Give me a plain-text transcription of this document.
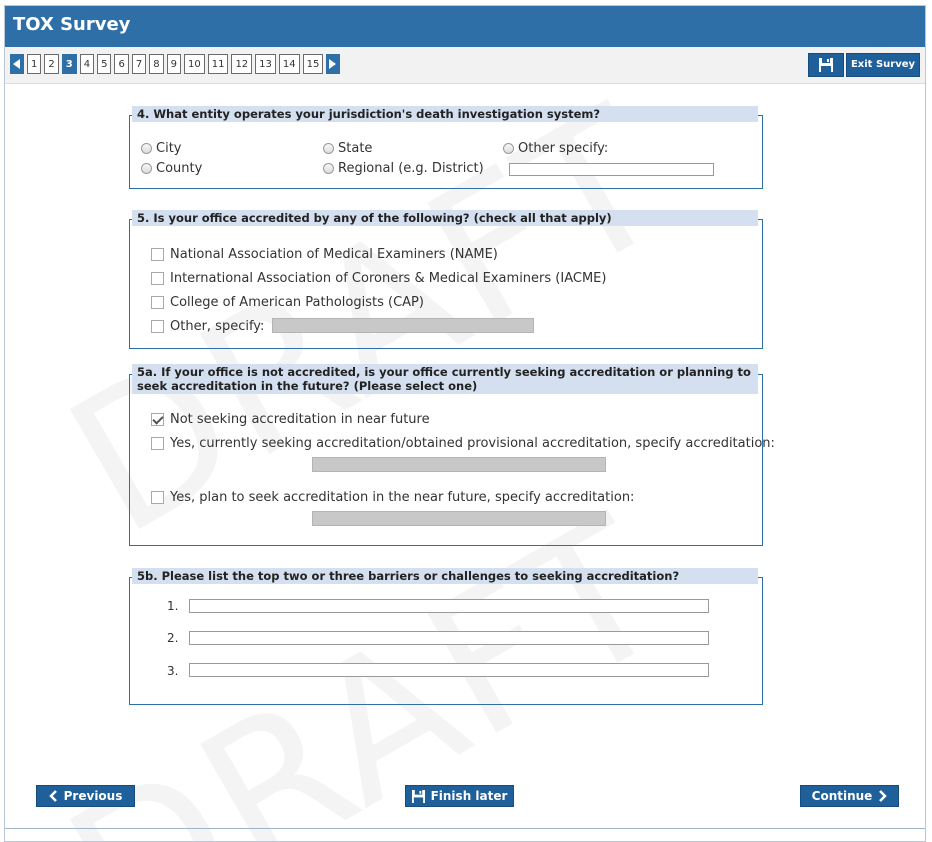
TOX Survey
1	2	3	4	5	6	7	8	9	10	11	12	13	14	15	Exit Survey
4. What entity operates your jurisdiction's death investigation system?
City	State	Other specify:
County	Regional (e.g. District)
5. Is your office accredited by any of the following? (check all that apply)
National Association of Medical Examiners (NAME)
International Association of Coroners & Medical Examiners (IACME)
College of American Pathologists (CAP)
Other, specify:
5a. If your office is not accredited, is your office currently seeking accreditation or planning to seek accreditation in the future? (Please select one)
Not seeking accreditation in near future
Yes, currently seeking accreditation/obtained provisional accreditation, specify accreditation:
Yes, plan to seek accreditation in the near future, specify accreditation:
5b. Please list the top two or three barriers or challenges to seeking accreditation?
1.
2.
3.
Previous	Finish later	Continue
